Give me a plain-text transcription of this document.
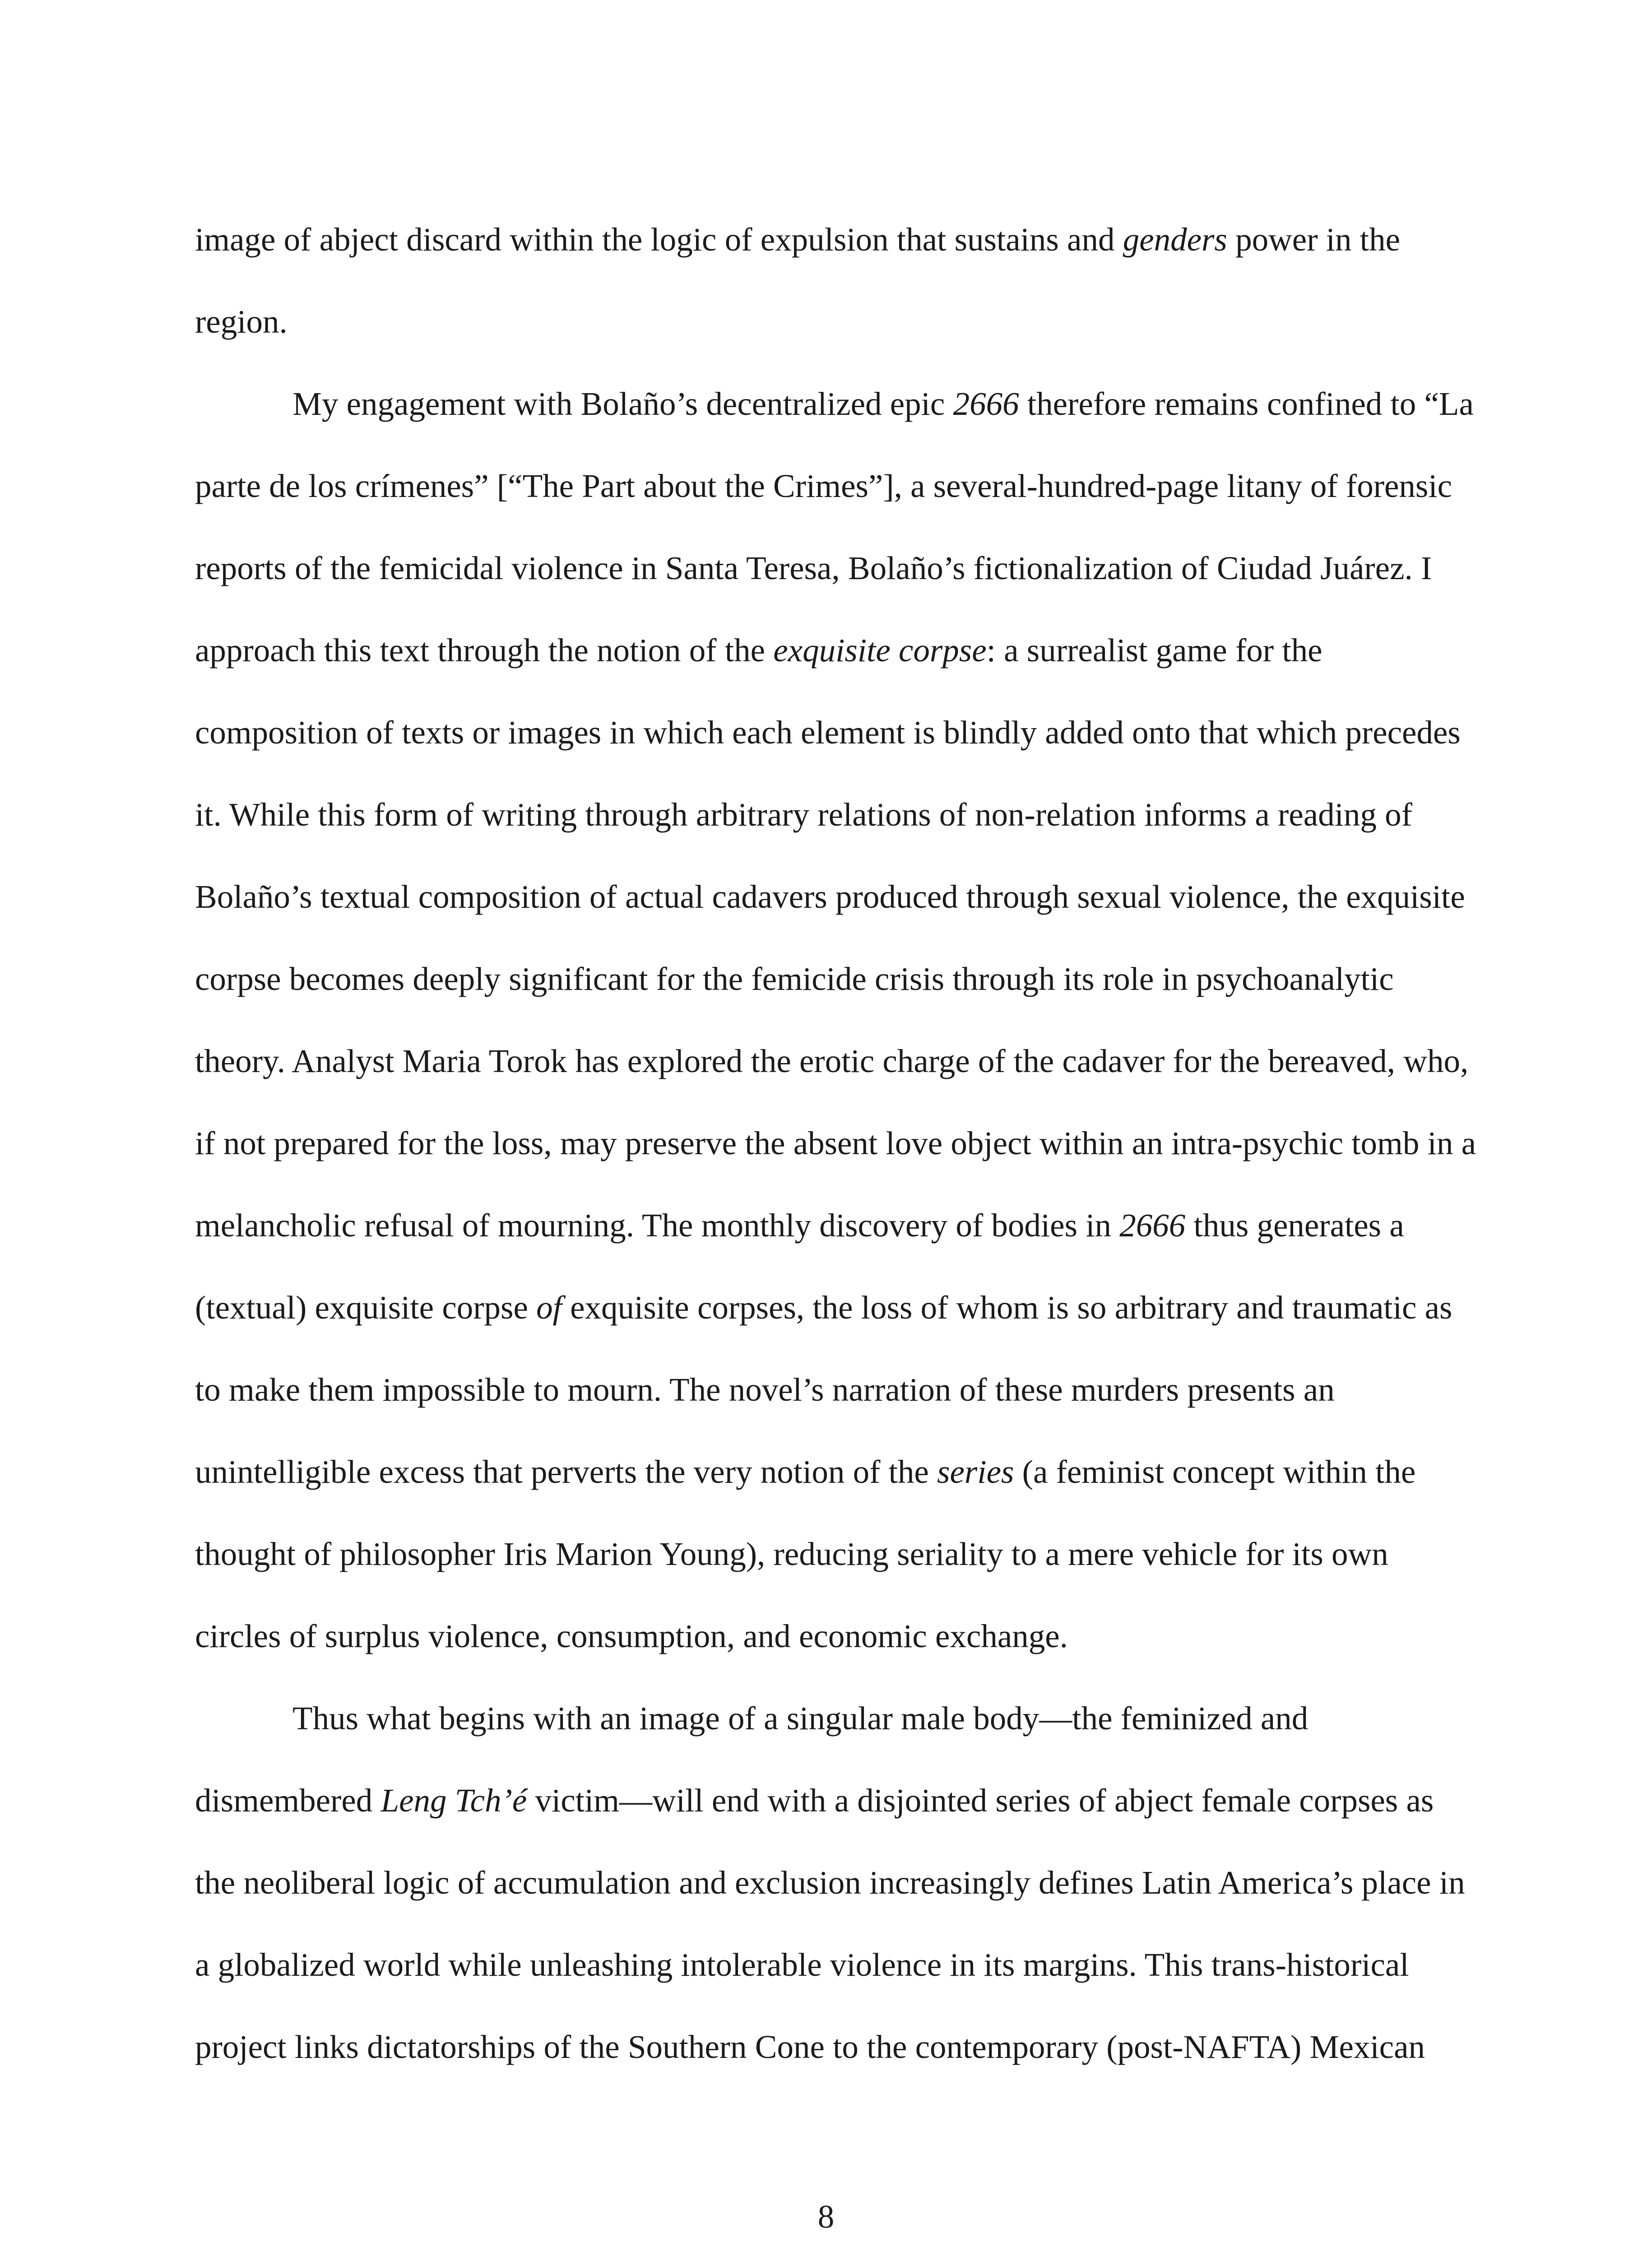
image of abject discard within the logic of expulsion that sustains and genders power in the
region.

My engagement with Bolaño’s decentralized epic 2666 therefore remains confined to “La
parte de los crímenes” [“The Part about the Crimes”], a several-hundred-page litany of forensic
reports of the femicidal violence in Santa Teresa, Bolaño’s fictionalization of Ciudad Juárez. I
approach this text through the notion of the exquisite corpse: a surrealist game for the
composition of texts or images in which each element is blindly added onto that which precedes
it. While this form of writing through arbitrary relations of non-relation informs a reading of
Bolaño’s textual composition of actual cadavers produced through sexual violence, the exquisite
corpse becomes deeply significant for the femicide crisis through its role in psychoanalytic
theory. Analyst Maria Torok has explored the erotic charge of the cadaver for the bereaved, who,
if not prepared for the loss, may preserve the absent love object within an intra-psychic tomb in a
melancholic refusal of mourning. The monthly discovery of bodies in 2666 thus generates a
(textual) exquisite corpse of exquisite corpses, the loss of whom is so arbitrary and traumatic as
to make them impossible to mourn. The novel’s narration of these murders presents an
unintelligible excess that perverts the very notion of the series (a feminist concept within the
thought of philosopher Iris Marion Young), reducing seriality to a mere vehicle for its own
circles of surplus violence, consumption, and economic exchange.

Thus what begins with an image of a singular male body—the feminized and
dismembered Leng Tch’é victim—will end with a disjointed series of abject female corpses as
the neoliberal logic of accumulation and exclusion increasingly defines Latin America’s place in
a globalized world while unleashing intolerable violence in its margins. This trans-historical
project links dictatorships of the Southern Cone to the contemporary (post-NAFTA) Mexican

8
